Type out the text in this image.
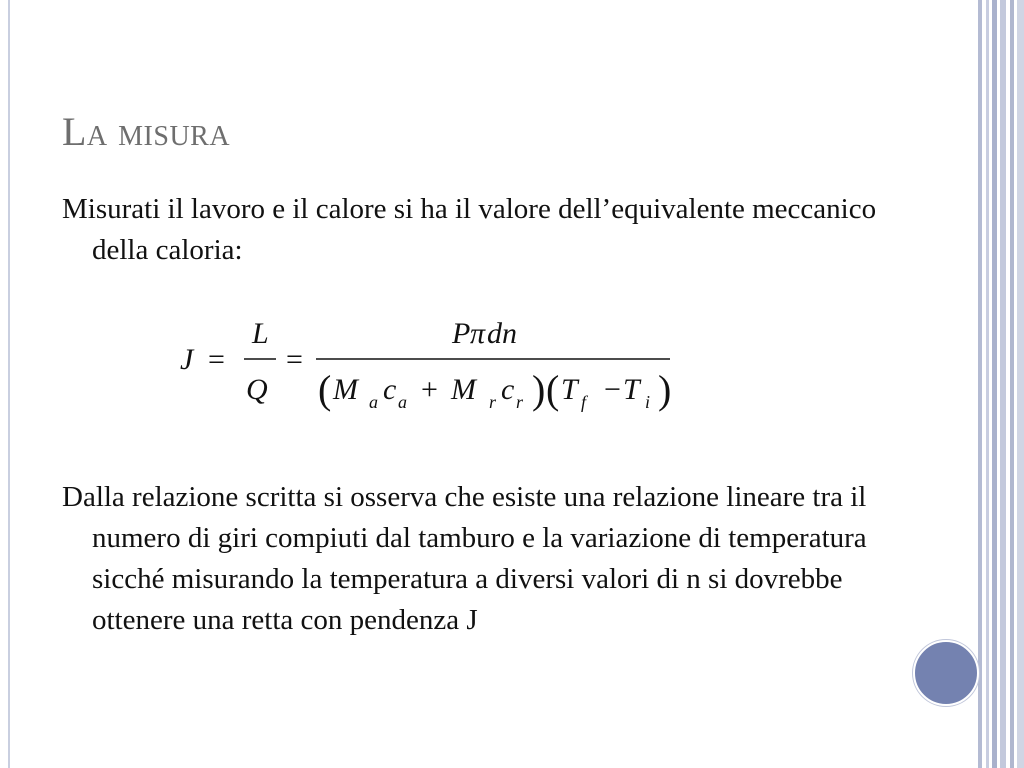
La misura
Misurati il lavoro e il calore si ha il valore dell’equivalente meccanico della caloria:
J =
L
Q
=
P π dn
( M a c a + M r c r ) ( T f − T i )
Dalla relazione scritta si osserva che esiste una relazione lineare tra il numero di giri compiuti dal tamburo e la variazione di temperatura sicché misurando la temperatura a diversi valori di n si dovrebbe ottenere una retta con pendenza J
